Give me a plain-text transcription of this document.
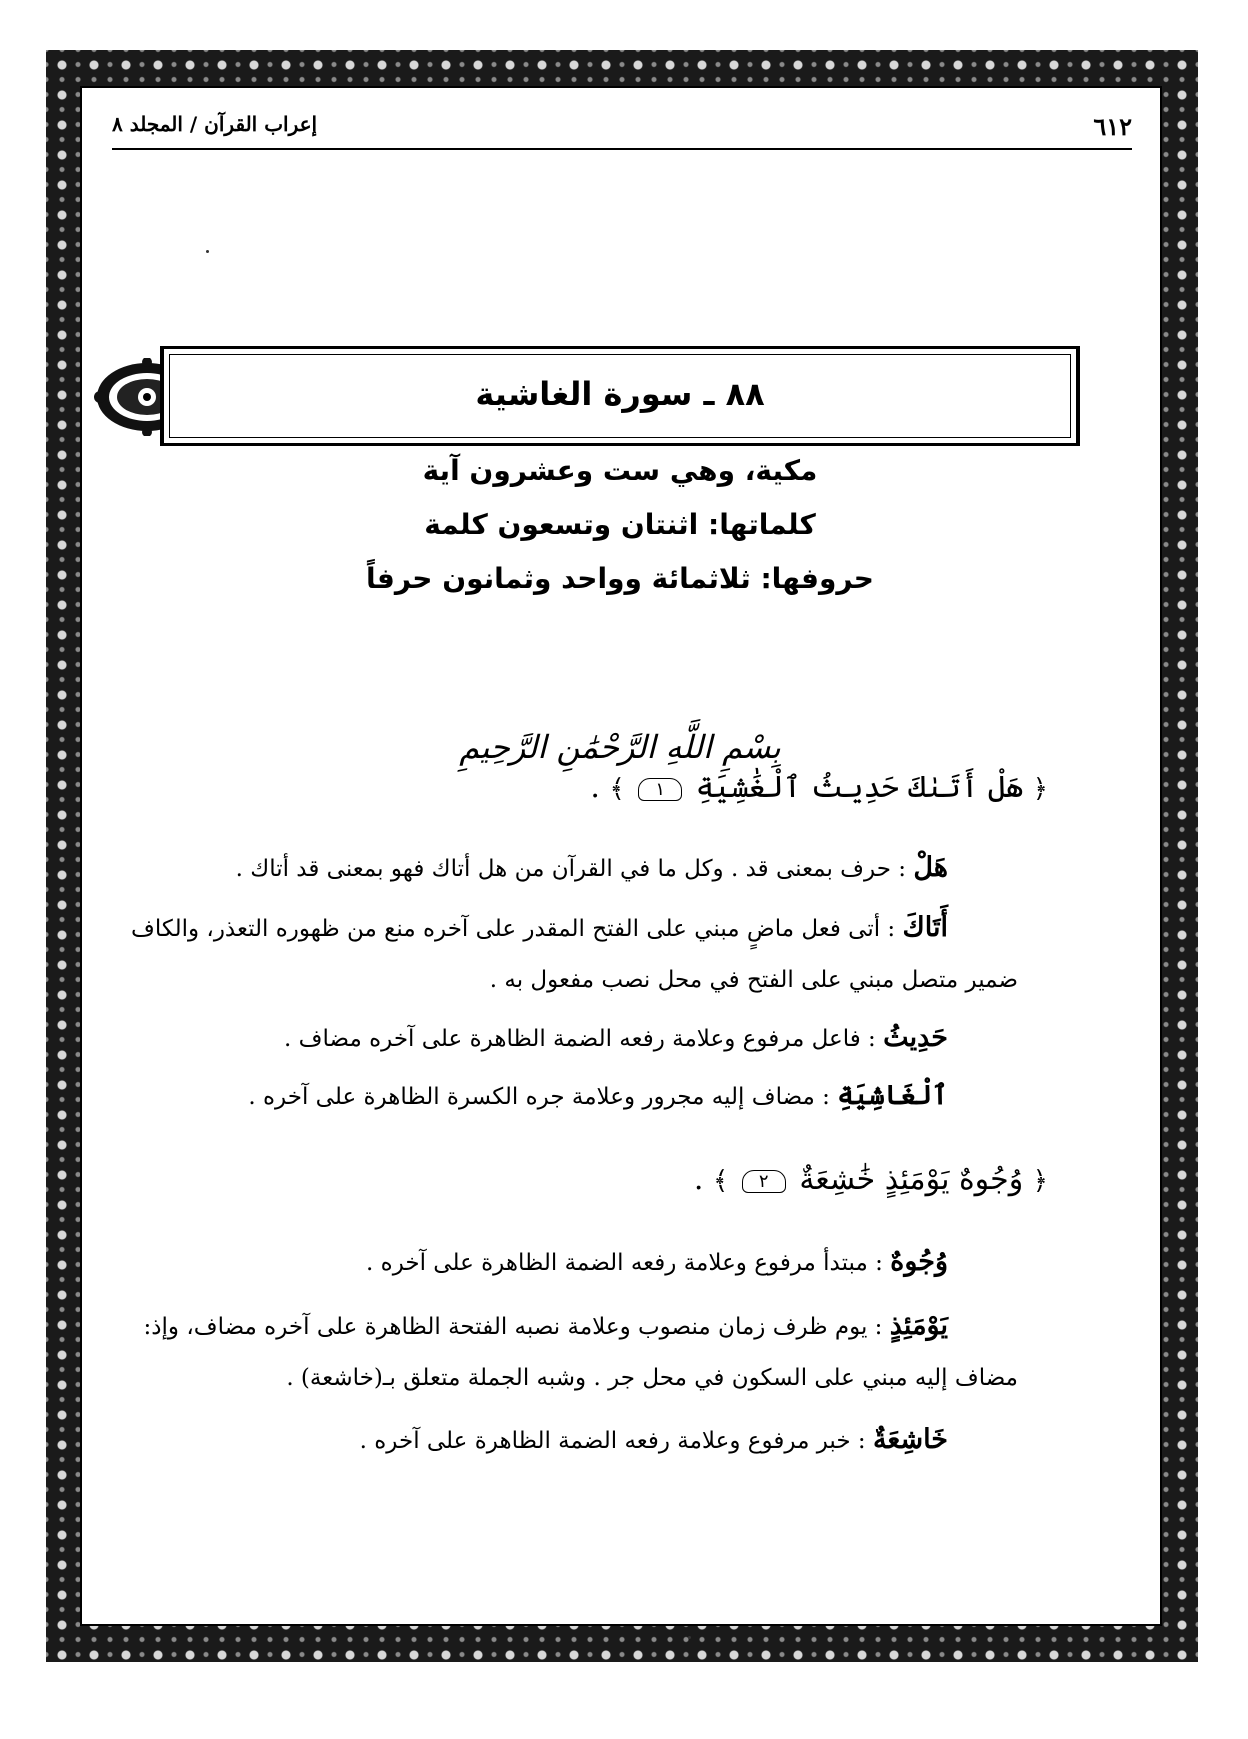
٦١٢
إعراب القرآن / المجلد ٨
٨٨ ـ سورة الغاشية
مكية، وهي ست وعشرون آية
كلماتها: اثنتان وتسعون كلمة
حروفها: ثلاثمائة وواحد وثمانون حرفاً
بِسْمِ اللَّهِ الرَّحْمَٰنِ الرَّحِيمِ
﴿ هَلْ أَتَىٰكَ حَدِيثُ ٱلْغَٰشِيَةِ ١ ﴾ .
هَلْ : حرف بمعنى قد . وكل ما في القرآن من هل أتاك فهو بمعنى قد أتاك .
أَتَاكَ : أتى فعل ماضٍ مبني على الفتح المقدر على آخره منع من ظهوره التعذر، والكاف
ضمير متصل مبني على الفتح في محل نصب مفعول به .
حَدِيثُ : فاعل مرفوع وعلامة رفعه الضمة الظاهرة على آخره مضاف .
ٱلْغَاشِيَةِ : مضاف إليه مجرور وعلامة جره الكسرة الظاهرة على آخره .
﴿ وُجُوهٌ يَوْمَئِذٍ خَٰشِعَةٌ ٢ ﴾ .
وُجُوهٌ : مبتدأ مرفوع وعلامة رفعه الضمة الظاهرة على آخره .
يَوْمَئِذٍ : يوم ظرف زمان منصوب وعلامة نصبه الفتحة الظاهرة على آخره مضاف، وإذ:
مضاف إليه مبني على السكون في محل جر . وشبه الجملة متعلق بـ(خاشعة) .
خَاشِعَةٌ : خبر مرفوع وعلامة رفعه الضمة الظاهرة على آخره .
